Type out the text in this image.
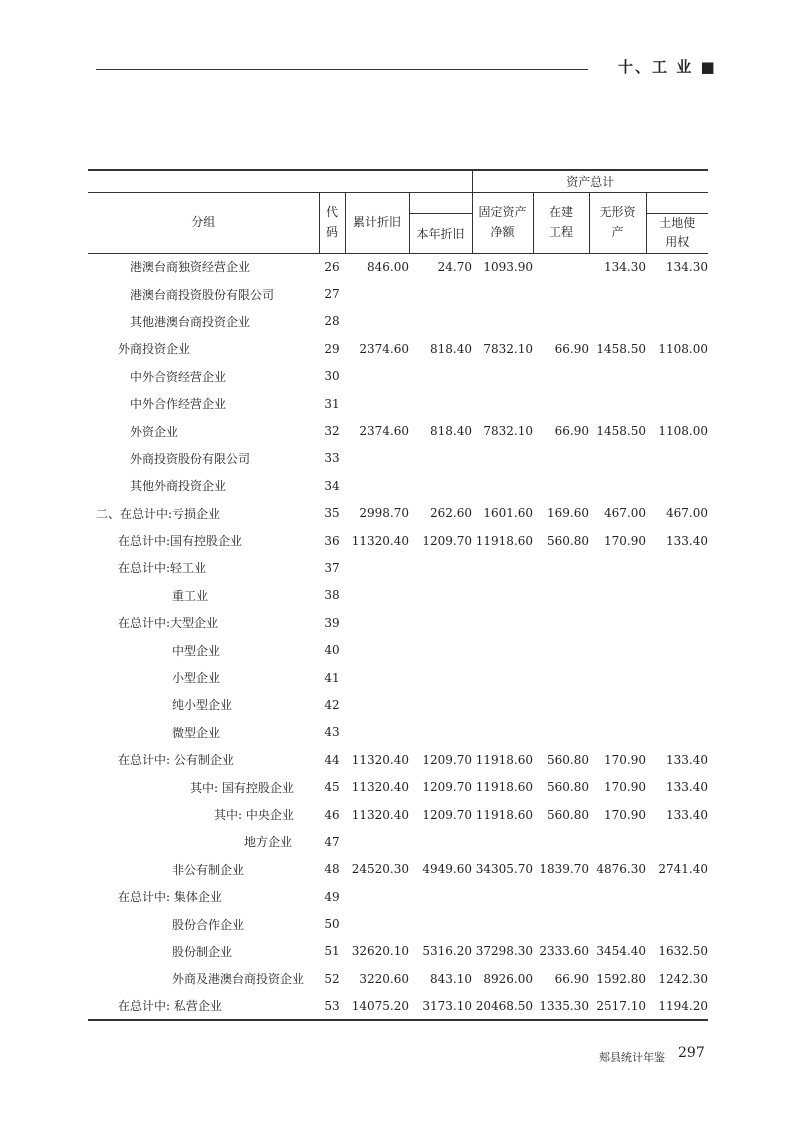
十、工 业 ■
				资产总计			
分组	代码	累计折旧		固定资产净额	在建工程	无形资产	
			本年折旧				土地使用权
港澳台商独资经营企业	26	846.00	24.70	1093.90		134.30	134.30
港澳台商投资股份有限公司	27						
其他港澳台商投资企业	28						
外商投资企业	29	2374.60	818.40	7832.10	66.90	1458.50	1108.00
中外合资经营企业	30						
中外合作经营企业	31						
外资企业	32	2374.60	818.40	7832.10	66.90	1458.50	1108.00
外商投资股份有限公司	33						
其他外商投资企业	34						
二、在总计中:亏损企业	35	2998.70	262.60	1601.60	169.60	467.00	467.00
在总计中:国有控股企业	36	11320.40	1209.70	11918.60	560.80	170.90	133.40
在总计中:轻工业	37						
重工业	38						
在总计中:大型企业	39						
中型企业	40						
小型企业	41						
纯小型企业	42						
微型企业	43						
在总计中: 公有制企业	44	11320.40	1209.70	11918.60	560.80	170.90	133.40
其中: 国有控股企业	45	11320.40	1209.70	11918.60	560.80	170.90	133.40
其中: 中央企业	46	11320.40	1209.70	11918.60	560.80	170.90	133.40
地方企业	47						
非公有制企业	48	24520.30	4949.60	34305.70	1839.70	4876.30	2741.40
在总计中: 集体企业	49						
股份合作企业	50						
股份制企业	51	32620.10	5316.20	37298.30	2333.60	3454.40	1632.50
外商及港澳台商投资企业	52	3220.60	843.10	8926.00	66.90	1592.80	1242.30
在总计中: 私营企业	53	14075.20	3173.10	20468.50	1335.30	2517.10	1194.20
郏县统计年鉴 297
